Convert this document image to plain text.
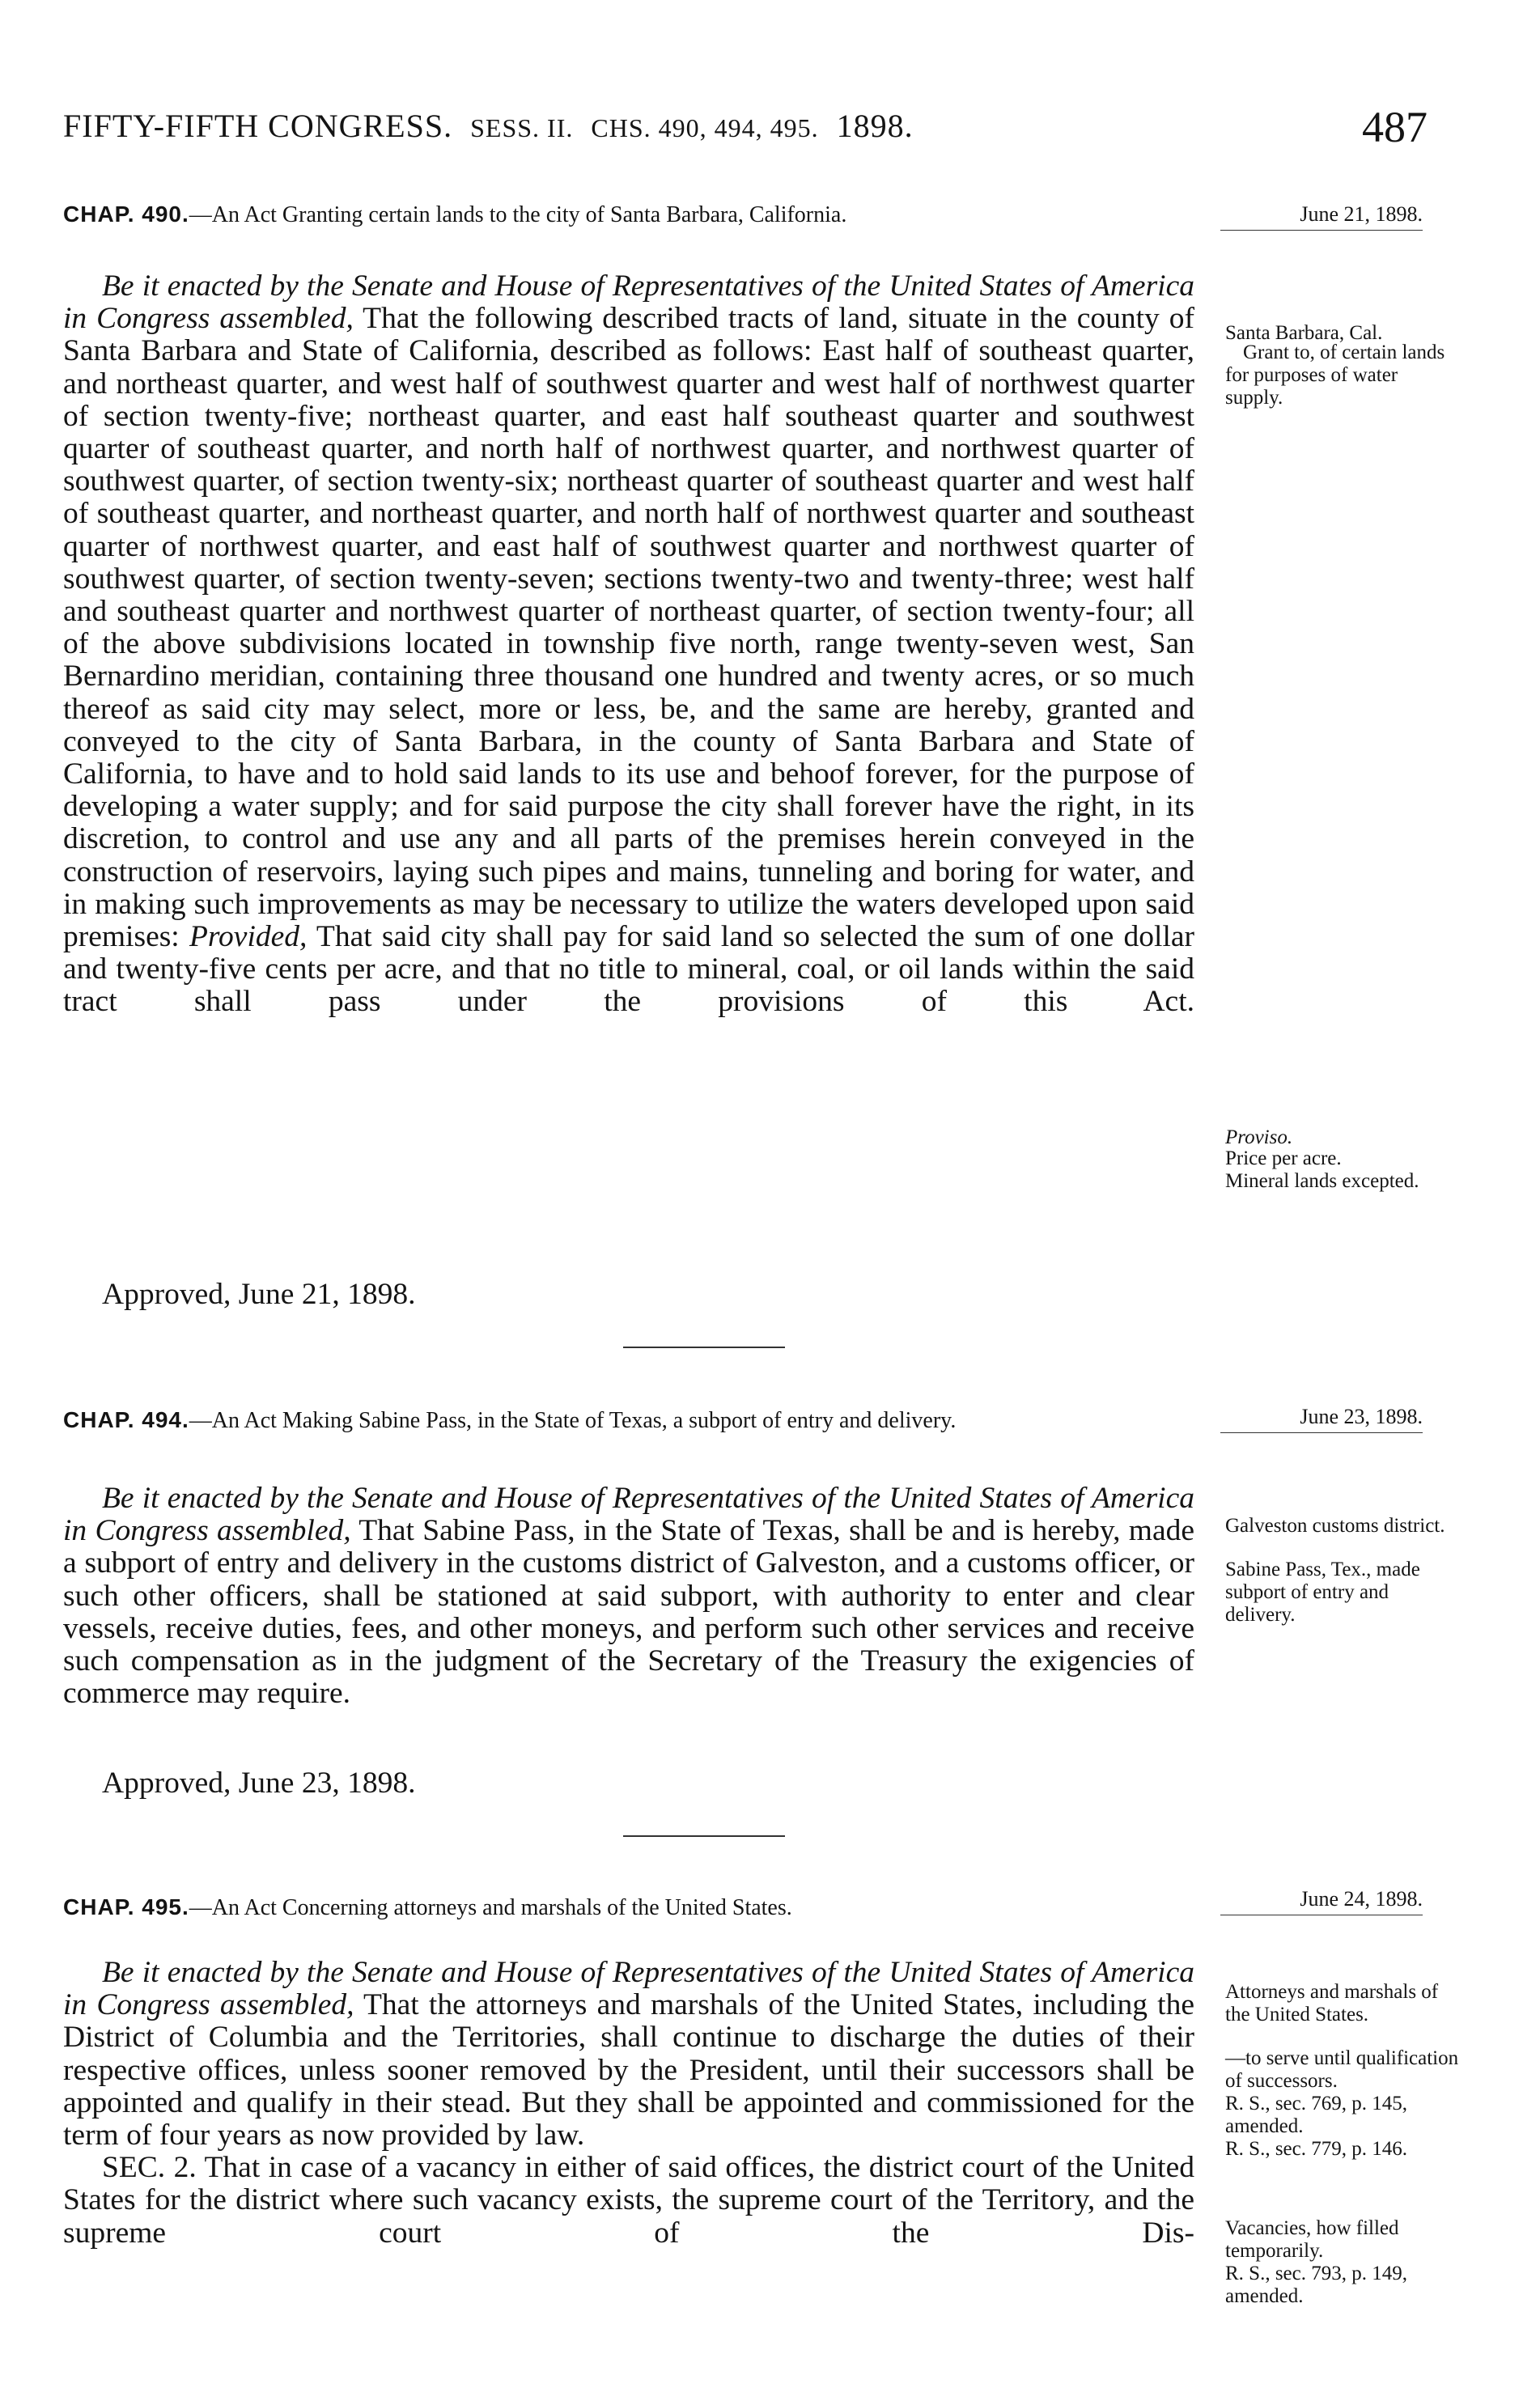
FIFTY-FIFTH CONGRESS. SESS. II. CHS. 490, 494, 495. 1898.	487
CHAP. 490.—An Act Granting certain lands to the city of Santa Barbara, California.	June 21, 1898.

Be it enacted by the Senate and House of Representatives of the United States of America in Congress assembled, That the following described tracts of land, situate in the county of Santa Barbara and State of California, described as follows: East half of southeast quarter, and northeast quarter, and west half of southwest quarter and west half of northwest quarter of section twenty-five; northeast quarter, and east half southeast quarter and southwest quarter of southeast quarter, and north half of northwest quarter, and northwest quarter of southwest quarter, of section twenty-six; northeast quarter of southeast quarter and west half of southeast quarter, and northeast quarter, and north half of northwest quarter and southeast quarter of northwest quarter, and east half of southwest quarter and northwest quarter of southwest quarter, of section twenty-seven; sections twenty-two and twenty-three; west half and southeast quarter and northwest quarter of northeast quarter, of section twenty-four; all of the above subdivisions located in township five north, range twenty-seven west, San Bernardino meridian, containing three thousand one hundred and twenty acres, or so much thereof as said city may select, more or less, be, and the same are hereby, granted and conveyed to the city of Santa Barbara, in the county of Santa Barbara and State of California, to have and to hold said lands to its use and behoof forever, for the purpose of developing a water supply; and for said purpose the city shall forever have the right, in its discretion, to control and use any and all parts of the premises herein conveyed in the construction of reservoirs, laying such pipes and mains, tunneling and boring for water, and in making such improvements as may be necessary to utilize the waters developed upon said premises: Provided, That said city shall pay for said land so selected the sum of one dollar and twenty-five cents per acre, and that no title to mineral, coal, or oil lands within the said tract shall pass under the provisions of this Act.

Approved, June 21, 1898.
Santa Barbara, Cal.
Grant to, of certain lands for purposes of water supply.
Proviso.
Price per acre.
Mineral lands excepted.
CHAP. 494.—An Act Making Sabine Pass, in the State of Texas, a subport of entry and delivery.	June 23, 1898.

Be it enacted by the Senate and House of Representatives of the United States of America in Congress assembled, That Sabine Pass, in the State of Texas, shall be and is hereby, made a subport of entry and delivery in the customs district of Galveston, and a customs officer, or such other officers, shall be stationed at said subport, with authority to enter and clear vessels, receive duties, fees, and other moneys, and perform such other services and receive such compensation as in the judgment of the Secretary of the Treasury the exigencies of commerce may require.

Approved, June 23, 1898.
Galveston customs district.
Sabine Pass, Tex., made subport of entry and delivery.
CHAP. 495.—An Act Concerning attorneys and marshals of the United States.	June 24, 1898.

Be it enacted by the Senate and House of Representatives of the United States of America in Congress assembled, That the attorneys and marshals of the United States, including the District of Columbia and the Territories, shall continue to discharge the duties of their respective offices, unless sooner removed by the President, until their successors shall be appointed and qualify in their stead. But they shall be appointed and commissioned for the term of four years as now provided by law.

SEC. 2. That in case of a vacancy in either of said offices, the district court of the United States for the district where such vacancy exists, the supreme court of the Territory, and the supreme court of the Dis-

Attorneys and marshals of the United States.
—to serve until qualification of successors.
R. S., sec. 769, p. 145, amended.
R. S., sec. 779, p. 146.
Vacancies, how filled temporarily.
R. S., sec. 793, p. 149, amended.
